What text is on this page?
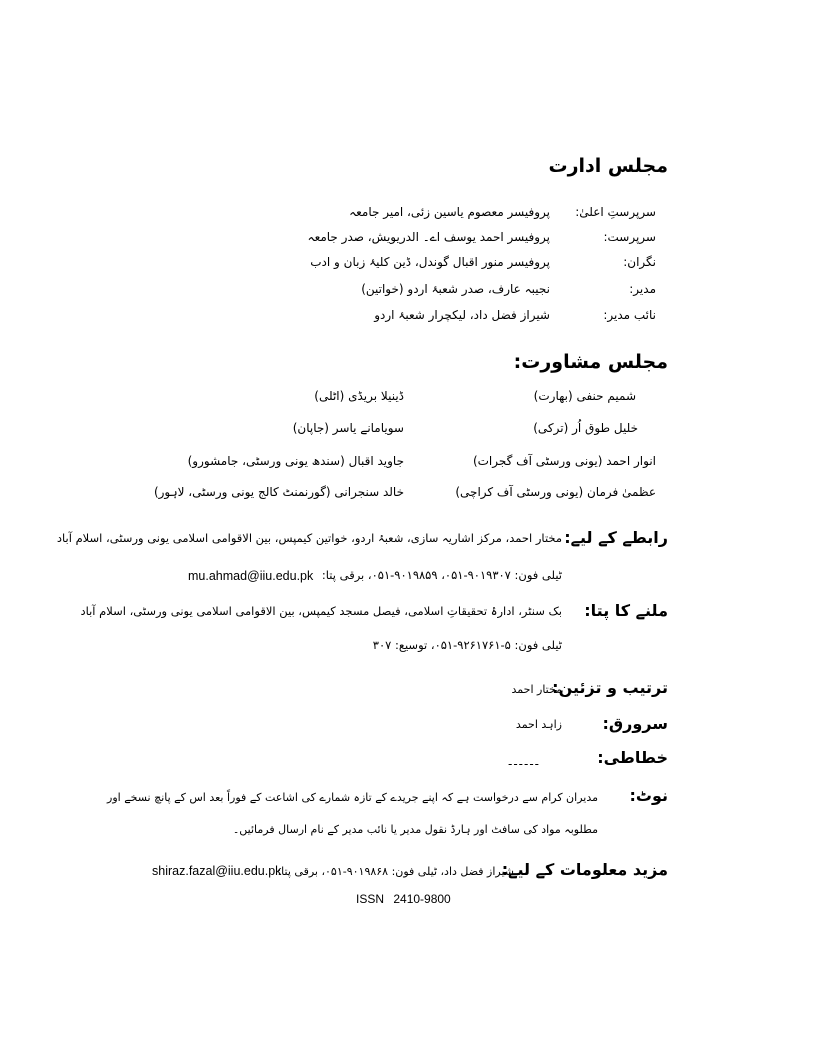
مجلس ادارت
سرپرستِ اعلیٰ:
پروفیسر معصوم یاسین زئی، امیر جامعہ
سرپرست:
پروفیسر احمد یوسف اے۔ الدریویش، صدر جامعہ
نگران:
پروفیسر منور اقبال گوندل، ڈین کلیۂ زبان و ادب
مدیر:
نجیبہ عارف، صدر شعبۂ اردو (خواتین)
نائب مدیر:
شیراز فضل داد، لیکچرار شعبۂ اردو
مجلس مشاورت:
شمیم حنفی (بھارت)
ڈینیلا بریڈی (اٹلی)
خلیل طوق اُر (ترکی)
سویامانے یاسر (جاپان)
انوار احمد (یونی ورسٹی آف گجرات)
جاوید اقبال (سندھ یونی ورسٹی، جامشورو)
عظمیٰ فرمان (یونی ورسٹی آف کراچی)
خالد سنجرانی (گورنمنٹ کالج یونی ورسٹی، لاہور)
رابطے کے لیے:
مختار احمد، مرکز اشاریہ سازی، شعبۂ اردو، خواتین کیمپس، بین الاقوامی اسلامی یونی ورسٹی، اسلام آباد
ٹیلی فون: ۹۰۱۹۳۰۷-۰۵۱، ۹۰۱۹۸۵۹-۰۵۱، برقی پتا:
mu.ahmad@iiu.edu.pk
ملنے کا پتا:
بک سنٹر، ادارۂ تحقیقاتِ اسلامی، فیصل مسجد کیمپس، بین الاقوامی اسلامی یونی ورسٹی، اسلام آباد
ٹیلی فون: ۵-۹۲۶۱۷۶۱-۰۵۱، توسیع: ۳۰۷
ترتیب و تزئین:
مختار احمد
سرورق:
زاہد احمد
خطاطی:
------
نوٹ:
مدیران کرام سے درخواست ہے کہ اپنے جریدے کے تازہ شمارے کی اشاعت کے فوراً بعد اس کے پانچ نسخے اور
مطلوبہ مواد کی سافٹ اور ہارڈ نقول مدیر یا نائب مدیر کے نام ارسال فرمائیں۔
مزید معلومات کے لیے:
شیراز فضل داد، ٹیلی فون: ۹۰۱۹۸۶۸-۰۵۱، برقی پتا:
shiraz.fazal@iiu.edu.pk
ISSN 2410-9800
